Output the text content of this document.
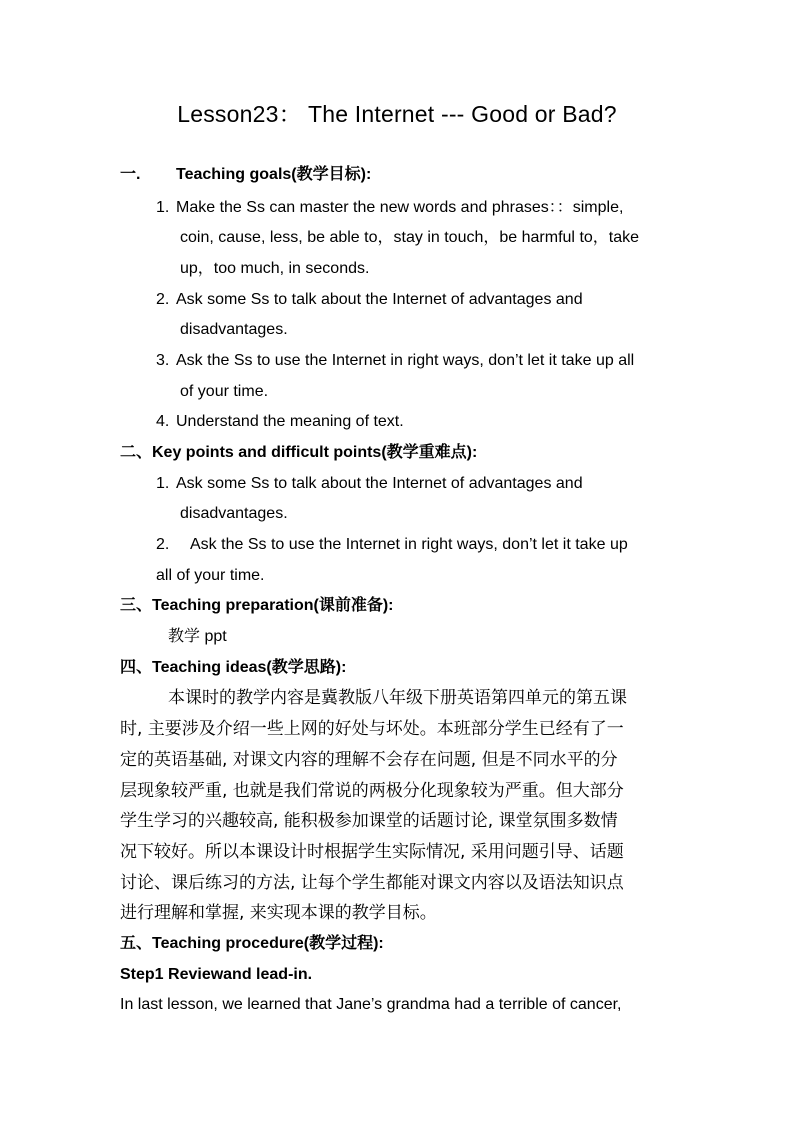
Lesson23： The Internet --- Good or Bad?
一. Teaching goals(教学目标):
1. Make the Ss can master the new words and phrases：：simple,
coin, cause, less, be able to，stay in touch，be harmful to，take
up，too much, in seconds.
2. Ask some Ss to talk about the Internet of advantages and
disadvantages.
3. Ask the Ss to use the Internet in right ways, don’t let it take up all
of your time.
4. Understand the meaning of text.
二、Key points and difficult points(教学重难点):
1. Ask some Ss to talk about the Internet of advantages and
disadvantages.
2. Ask the Ss to use the Internet in right ways, don’t let it take up
all of your time.
三、Teaching preparation(课前准备):
教学 ppt
四、Teaching ideas(教学思路):
本课时的教学内容是冀教版八年级下册英语第四单元的第五课
时, 主要涉及介绍一些上网的好处与坏处。本班部分学生已经有了一
定的英语基础, 对课文内容的理解不会存在问题, 但是不同水平的分
层现象较严重, 也就是我们常说的两极分化现象较为严重。但大部分
学生学习的兴趣较高, 能积极参加课堂的话题讨论, 课堂氛围多数情
况下较好。所以本课设计时根据学生实际情况, 采用问题引导、话题
讨论、课后练习的方法, 让每个学生都能对课文内容以及语法知识点
进行理解和掌握, 来实现本课的教学目标。
五、Teaching procedure(教学过程):
Step1 Reviewand lead-in.
In last lesson, we learned that Jane’s grandma had a terrible of cancer,
